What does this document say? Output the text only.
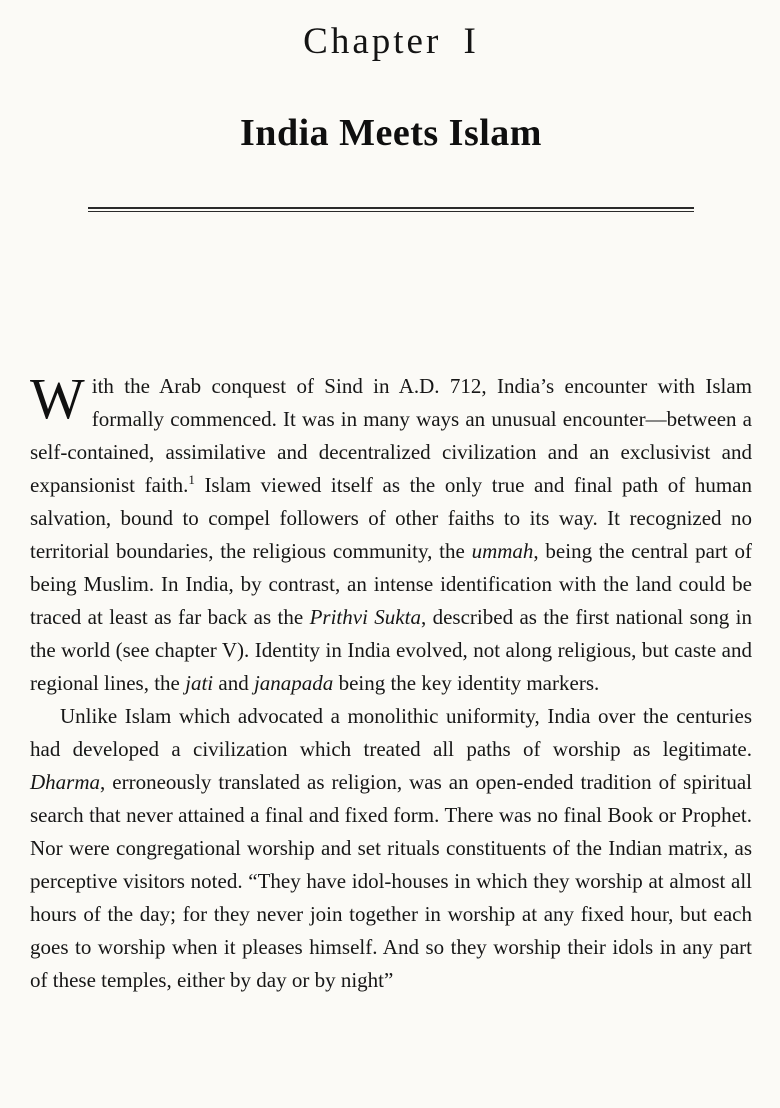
Chapter I
India Meets Islam

With the Arab conquest of Sind in A.D. 712, India’s encounter with Islam formally commenced. It was in many ways an unusual encounter—between a self-contained, assimilative and decentralized civilization and an exclusivist and expansionist faith.$^1$ Islam viewed itself as the only true and final path of human salvation, bound to compel followers of other faiths to its way. It recognized no territorial boundaries, the religious community, the ummah, being the central part of being Muslim. In India, by contrast, an intense identification with the land could be traced at least as far back as the Prithvi Sukta, described as the first national song in the world (see chapter V). Identity in India evolved, not along religious, but caste and regional lines, the jati and janapada being the key identity markers.

Unlike Islam which advocated a monolithic uniformity, India over the centuries had developed a civilization which treated all paths of worship as legitimate. Dharma, erroneously translated as religion, was an open-ended tradition of spiritual search that never attained a final and fixed form. There was no final Book or Prophet. Nor were congregational worship and set rituals constituents of the Indian matrix, as perceptive visitors noted. “They have idol-houses in which they worship at almost all hours of the day; for they never join together in worship at any fixed hour, but each goes to worship when it pleases himself. And so they worship their idols in any part of these temples, either by day or by night”
